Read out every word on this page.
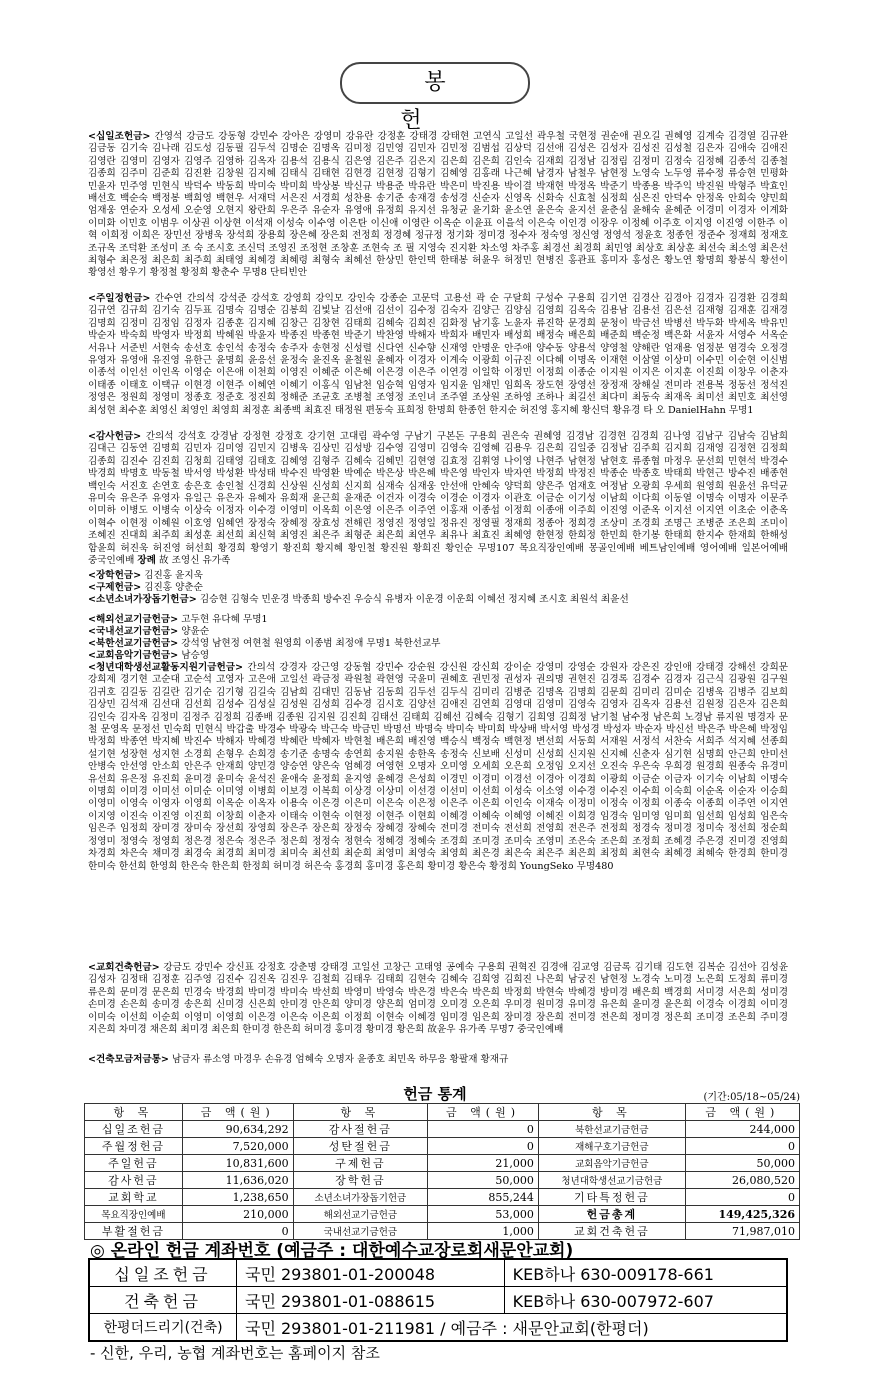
봉 헌
<십일조헌금> 간영석 강금도 강동형 강민수 강아은 강영미 강유란 강정훈 강태경 강태현 고연식 고일선 곽우철 국현정 권순애 권오길 권혜영 김계숙 김경열 김규완 김금동 김기숙 김나래 김도성 김동필 김두석 김명순 김명옥 김미정 김민영 김민자 김민정 김범섭 김상덕 김선애 김성은 김성자 김성진 김성철 김은자 김애숙 김애진 김영란 김영미 김영자 김영주 김영하 김옥자 김용석 김용식 김은영 김은주 김은지 김은희 김은희 김인숙 김재희 김정남 김정림 김정미 김정숙 김정혜 김종석 김종철 김종희 김주미 김준희 김진환 김창원 김지혜 김태식 김태현 김현경 김현정 김형기 김혜영 김홍래 나근혜 남경자 남철우 남현정 노영숙 노두영 류수정 류승현 민평화 민윤자 민주영 민현식 박덕수 박동희 박미숙 박미희 박상봉 박신규 박용준 박유란 박은미 박진용 박이결 박재현 박정옥 박준기 박종용 박주익 박진원 박형주 박효인 배선호 백순숙 백정봉 백희영 백현우 서재덕 서은진 서경희 성찬용 송기준 송재경 송성경 신순자 신영옥 신화숙 신효철 심정희 심은진 안덕수 안정옥 안희숙 양민희 엄재웅 연순자 오성세 오순영 오현지 왕란희 우은주 유순자 유영애 유정희 유지선 유청균 윤기화 윤소연 윤은숙 윤지선 윤춘심 윤해숙 윤혜준 이경미 이경자 이계화 이미화 이민호 이범우 이상권 이상현 이석재 이성숙 이수영 이은탄 이신애 이영란 이옥순 이윤표 이을석 이은숙 이인경 이장우 이정혜 이주호 이지영 이진영 이한주 이 혁 이희정 이희은 장민선 장병욱 장석희 장용희 장은혜 장은회 전정희 정경혜 정규정 정기화 정미경 정수자 정숙영 정신영 정영석 정윤호 정종헌 정준수 정재희 정재호 조규옥 조덕환 조성미 조 숙 조시호 조신덕 조영진 조정현 조창훈 조현숙 조 필 지영숙 진지환 차소영 차주홍 최경선 최경희 최민영 최상호 최상훈 최선숙 최소영 최은선 최형수 최은정 최은희 최주희 최태영 최혜경 최혜령 최형숙 최혜선 한상민 한인택 한태봉 허윤우 허정민 현병진 홍관표 홍미자 홍성은 황노연 황명희 황봉식 황선이 황영선 황우기 황정철 황정희 황춘수 무명8 단티빈안
<주일정헌금> 간수연 간의석 강석준 강석호 강영희 강익모 강인숙 강종순 고문덕 고용선 곽 순 구달희 구성수 구용희 김기연 김경산 김경아 김경자 김경환 김경희 김규연 김규희 김기숙 김두표 김명숙 김명순 김봉희 김빛날 김선애 김선이 김수정 김숙자 김양근 김양심 김영희 김옥숙 김용남 김용선 김은선 김재형 김재훈 김재경 김명희 김정미 김정임 김정자 김종훈 김지혜 김창근 김창현 김태희 김혜숙 김희진 김화정 남기홍 노윤자 류진학 문경희 문청이 박금선 박병선 박두화 박세옥 박유민 박순자 박숙희 박영자 박정희 박혜원 박윤자 박종진 박종현 박준기 박찬영 박해자 박희자 배민자 배성희 배정숙 배은희 배준희 백순정 백은화 서윤자 서영수 서옥순 서유나 서준빈 서현숙 송선호 송인석 송정숙 송주자 송현정 신성렬 신다연 신수향 신재영 안명운 안주애 양수동 양용석 양영철 양해란 엄재용 엄정분 염경숙 오정경 유영자 유영애 유진영 유한근 윤명희 윤응선 윤정숙 윤진옥 윤철원 윤혜자 이경자 이계숙 이광희 이규진 이다혜 이명옥 이재현 이삼열 이상미 이수민 이순현 이신범 이종석 이인선 이인옥 이영순 이은애 이천희 이영진 이혜준 이은혜 이은경 이은주 이연경 이일학 이정민 이정희 이종순 이지원 이지은 이지훈 이진희 이창우 이춘자 이태종 이태호 이택규 이현경 이현주 이혜연 이혜기 이홍식 임남천 임승혁 임영자 임지윤 임채민 임희옥 장도현 장영선 장정재 장해실 전미라 전용복 정동선 정석진 정영은 정원희 정영미 정종호 정준호 정진희 정해준 조균호 조병철 조영정 조인녀 조주열 조상원 조하영 조하나 최길선 최다미 최동숙 최재옥 최미선 최민호 최선영 최성현 최수훈 최영신 최영인 최영희 최정훈 최종백 최효진 태정원 편동숙 표희정 한명희 한종헌 한지순 허진영 홍지혜 황신덕 황유경 타 오 DanielHahn 무명1
<감사헌금> 간의석 강석호 강경남 강정현 강정호 강기현 고대림 곽수영 구남기 구본돈 구용희 권은숙 권혜영 김경남 김경현 김경희 김나영 김남구 김남숙 김남희 김대근 김동연 김명희 김민자 김미영 김민지 김병욱 김상민 김성방 김수영 김영미 김영숙 김영혜 김용우 김은희 김일중 김정남 김주희 김지희 김재영 김정현 김정희 김종희 김진수 김진희 김청희 김태영 김태호 김혜영 김형주 김혜숙 김혜민 김현영 김효정 김휘영 나이영 나현주 남현정 남현호 류종협 마정우 문선희 민현석 박경수 박경희 박명호 박동철 박서영 박성환 박성태 박수진 박영환 박예순 박은상 박은혜 박은영 박인자 박자연 박정희 박정진 박종순 박종호 박태희 박현근 방수진 배종현 백인숙 서진호 손연호 송은호 송인철 신경희 신상원 신성희 신지희 심재숙 심재웅 안선애 안혜숙 양덕희 양은주 엄재호 여정남 오광희 우세희 원영희 원윤선 유덕균 유미숙 유은주 유영자 유일근 유은자 유혜자 유희재 윤근희 윤재준 이건자 이경숙 이경순 이경자 이관호 이금순 이기성 이남희 이다희 이동열 이명숙 이명자 이문주 이미하 이병도 이병숙 이상숙 이정자 이수경 이영미 이옥희 이은영 이은주 이주연 이홍재 이종섭 이정희 이종애 이주희 이진영 이준옥 이지선 이지연 이초순 이춘옥 이혁수 이현정 이혜원 이호영 임혜연 장정숙 장혜정 장효성 전해린 정영진 정영일 정유진 정영필 정재희 정종아 정희경 조상미 조경희 조명근 조병준 조은희 조미이 조혜진 진대희 최주희 최성훈 최선희 최신혁 최영진 최은주 최형준 최은희 최연우 최유나 최효진 최혜영 한현정 한희정 한민희 한기봉 한태희 한지수 한재희 한해성 함윤희 허진욱 허진영 허선희 황경희 황영기 황진희 황지혜 황인철 황진원 황희진 황인순 무명107 목요직장인예배 몽골인예배 베트남인예배 영어예배 일본어예배 중국인예배 장례 故 조영신 유가족
<장학헌금> 김진홍 윤지욱
<구제헌금> 김진홍 양춘순
<소년소녀가장돕기헌금> 김승현 김형숙 민운경 박종희 방수진 우승식 유병자 이운경 이운희 이혜선 정지혜 조시호 최원석 최윤선
<해외선교기금헌금> 고두현 유다혜 무명1
<국내선교기금헌금> 양윤순
<북한선교기금헌금> 강석영 남현정 여현철 원영희 이종범 최정애 무명1 북한선교부
<교회음악기금헌금> 남승영
<청년대학생선교활동지원기금헌금> 간의석 강경자 강근영 강동협 강민수 강순원 강신원 강신희 강이순 강영미 강영순 강원자 강은진 강인애 강태경 강해선 강희문 강희제 경기현 고순대 고순석 고영자 고은애 고일선 곽금정 곽원철 곽현영 국윤미 권혜호 권민정 권성자 권의명 권현진 김경록 김경수 김경자 김근식 김광원 김구원 김귀호 김길동 김길란 김기순 김기형 김길숙 김남희 김대민 김동남 김동희 김두선 김두식 김미리 김병준 김명옥 김명희 김문희 김미리 김미순 김병욱 김병주 김보희 김상민 김석재 김선대 김선희 김성수 김성실 김성원 김성희 김수경 김시호 김양선 김애진 김연희 김영대 김영미 김영숙 김영자 김옥자 김용선 김원정 김은자 김은희 김인숙 김자옥 김정미 김정주 김정희 김종배 김종원 김지원 김진희 김태선 김태희 김혜선 김혜숙 김형기 김희영 김희정 남기철 남수정 남은희 노경남 류지원 명경자 문 철 문영옥 문정선 민숙희 민현식 박갑출 박경수 박광숙 박근숙 박금민 박명선 박명숙 박미숙 박미희 박상배 박서영 박성경 박성자 박순자 박신선 박은주 박은혜 박정임 박정희 박종연 박지혜 박진수 박해자 박혜경 박혜란 박혜자 박현철 배은희 배진영 백승식 백정숙 백현정 변선희 서동희 서재원 서정석 서찬숙 서희주 석지혜 선종희 설기현 성장현 성지현 소경희 손형우 손희경 송기준 송명숙 송연희 송지원 송한옥 송정숙 신보배 신성미 신성희 신지원 신지혜 신춘자 심기현 심명희 안근희 안미선 안병숙 안선영 안소희 안은주 안재희 양민경 양승연 양은숙 엄혜경 여영현 오명자 오미영 오세희 오은희 오정임 오지선 오진숙 우은숙 우희경 원경희 원종숙 유경미 유선희 유은정 유진희 윤미경 윤미숙 윤석진 윤애숙 윤정희 윤지영 윤혜경 은성희 이경민 이경미 이경선 이경아 이경희 이광희 이금순 이금자 이기숙 이남희 이명숙 이명희 이미경 이미선 이미순 이미영 이병희 이보경 이복희 이상경 이상미 이선경 이선미 이선희 이성숙 이소영 이수경 이수진 이수희 이숙희 이순옥 이순자 이승희 이영미 이영숙 이영자 이영희 이옥순 이옥자 이용숙 이은경 이은미 이은숙 이은정 이은주 이은희 이인숙 이재숙 이정미 이정숙 이정희 이종숙 이종희 이주연 이지연 이지영 이진숙 이진영 이진희 이창희 이춘자 이태숙 이현숙 이현정 이현주 이현희 이혜경 이혜숙 이혜영 이혜진 이희경 임경숙 임미영 임미희 임선희 임성희 임은숙 임은주 임정희 장미경 장미숙 장선희 장영희 장은주 장은희 장정숙 장혜경 장혜숙 전미경 전미숙 전선희 전영희 전은주 전정희 정경숙 정미경 정미숙 정선희 정순희 정영미 정영숙 정영희 정은경 정은숙 정은주 정은희 정정숙 정현숙 정혜경 정혜숙 조경희 조미경 조미숙 조영미 조은숙 조은희 조정희 조혜경 주은경 진미경 진영희 차경희 차은숙 채미경 최경숙 최경희 최미경 최미숙 최선희 최순희 최영미 최영숙 최영희 최은경 최은숙 최은주 최은희 최정희 최현숙 최혜경 최혜숙 한경희 한미경 한미숙 한선희 한영희 한은숙 한은희 한정희 허미경 허은숙 홍경희 홍미경 홍은희 황미경 황은숙 황정희 YoungSeko 무명480
<교회건축헌금> 강금도 강민수 강신표 강정호 강춘명 강태경 고일선 고창근 고태영 공예숙 구용희 권혁진 김경애 김교영 김금록 김기태 김도현 김복순 김선아 김성윤 김성자 김정태 김정훈 김주영 김진수 김진옥 김진우 김철희 김태우 김태희 김현숙 김혜숙 김희영 김희진 나은희 남궁진 남현정 노경숙 노미경 노은희 도정희 류미경 류은희 문미경 문은희 민경숙 박경희 박미경 박미숙 박선희 박영미 박영숙 박은경 박은숙 박은희 박정희 박현숙 박혜경 방미경 배은희 백경희 서미경 서은희 성미경 손미경 손은희 송미경 송은희 신미경 신은희 안미경 안은희 양미경 양은희 엄미경 오미경 오은희 우미경 원미경 유미경 유은희 윤미경 윤은희 이경숙 이경희 이미경 이미숙 이선희 이순희 이영미 이영희 이은경 이은숙 이은희 이정희 이현숙 이혜경 임미경 임은희 장미경 장은희 전미경 전은희 정미경 정은희 조미경 조은희 주미경 지은희 차미경 채은희 최미경 최은희 한미경 한은희 허미경 홍미경 황미경 황은희 故윤우 유가족 무명7 중국인예배
<건축모금저금통> 남금자 류소영 마경우 손유경 엄혜숙 오명자 윤종호 최민옥 하무응 황팔재 황재규
헌금 통계	(기간:05/18~05/24)
항 목	금 액(원)	항 목	금 액(원)	항 목	금 액(원)
십일조헌금	90,634,292	감사절헌금	0	북한선교기금헌금	244,000
주월정헌금	7,520,000	성탄절헌금	0	재해구호기금헌금	0
주일헌금	10,831,600	구제헌금	21,000	교회음악기금헌금	50,000
감사헌금	11,636,020	장학헌금	50,000	청년대학생선교기금헌금	26,080,520
교회학교	1,238,650	소년소녀가장돕기헌금	855,244	기타특정헌금	0
목요직장인예배	210,000	해외선교기금헌금	53,000	헌금총계	149,425,326
부활절헌금	0	국내선교기금헌금	1,000	교회건축헌금	71,987,010
◎ 온라인 헌금 계좌번호 (예금주 : 대한예수교장로회새문안교회)
십일조헌금	국민 293801-01-200048	KEB하나 630-009178-661
건축헌금	국민 293801-01-088615	KEB하나 630-007972-607
한평더드리기(건축)	국민 293801-01-211981 / 예금주 : 새문안교회(한평더)	
- 신한, 우리, 농협 계좌번호는 홈페이지 참조
